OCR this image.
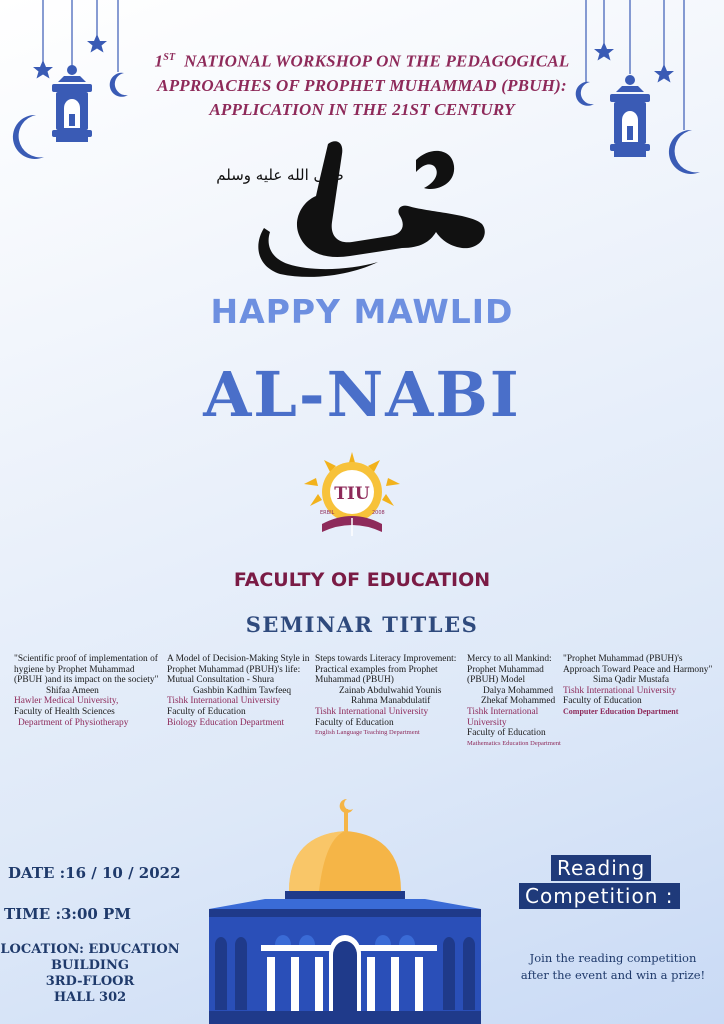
1ST NATIONAL WORKSHOP ON THE PEDAGOGICAL
APPROACHES OF PROPHET MUHAMMAD (PBUH):
APPLICATION IN THE 21ST CENTURY
صلى الله عليه وسلم
HAPPY MAWLID
AL-NABI
TIU
ERBIL	2008
FACULTY OF EDUCATION
SEMINAR TITLES
"Scientific proof of implementation of hygiene by Prophet Muhammad (PBUH )and its impact on the society"
Shifaa Ameen
Hawler Medical University,
Faculty of Health Sciences
Department of Physiotherapy
A Model of Decision-Making Style in Prophet Muhammad (PBUH)'s life: Mutual Consultation - Shura
Gashbin Kadhim Tawfeeq
Tishk International University
Faculty of Education
Biology Education Department
Steps towards Literacy Improvement: Practical examples from Prophet Muhammad (PBUH)
Zainab Abdulwahid Younis
Rahma Manabdulatif
Tishk International University
Faculty of Education
English Language Teaching Department
Mercy to all Mankind: Prophet Muhammad (PBUH) Model
Dalya Mohammed
Zhekaf Mohammed
Tishk International University
Faculty of Education
Mathematics Education Department
"Prophet Muhammad (PBUH)'s Approach Toward Peace and Harmony"
Sima Qadir Mustafa
Tishk International University
Faculty of Education
Computer Education Department
DATE :16 / 10 / 2022
TIME :3:00 PM
LOCATION: EDUCATION
BUILDING
3RD-FLOOR
HALL 302
Reading
Competition :
Join the reading competition
after the event and win a prize!
